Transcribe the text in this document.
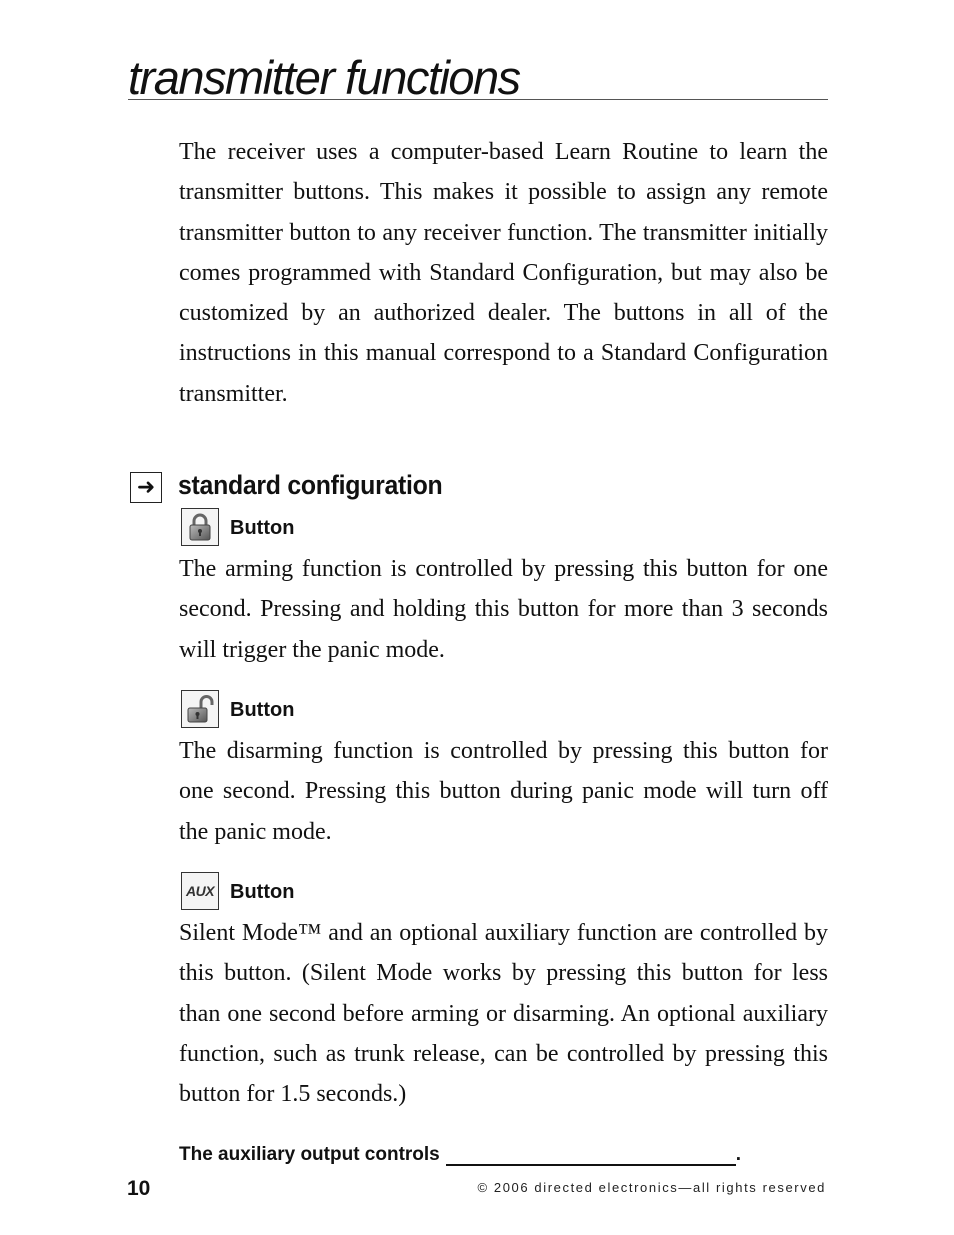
transmitter functions

The receiver uses a computer-based Learn Routine to learn the transmitter buttons. This makes it possible to assign any remote transmitter button to any receiver function. The transmitter initially comes programmed with Standard Configuration, but may also be customized by an authorized dealer. The buttons in all of the instructions in this manual correspond to a Standard Configuration transmitter.

➜ standard configuration
Button

The arming function is controlled by pressing this button for one second. Pressing and holding this button for more than 3 seconds will trigger the panic mode.

Button

The disarming function is controlled by pressing this button for one second. Pressing this button during panic mode will turn off the panic mode.

AUX Button

Silent Mode™ and an optional auxiliary function are controlled by this button. (Silent Mode works by pressing this button for less than one second before arming or disarming. An optional auxiliary function, such as trunk release, can be controlled by pressing this button for 1.5 seconds.)

The auxiliary output controls	.
10	© 2006 directed electronics—all rights reserved
